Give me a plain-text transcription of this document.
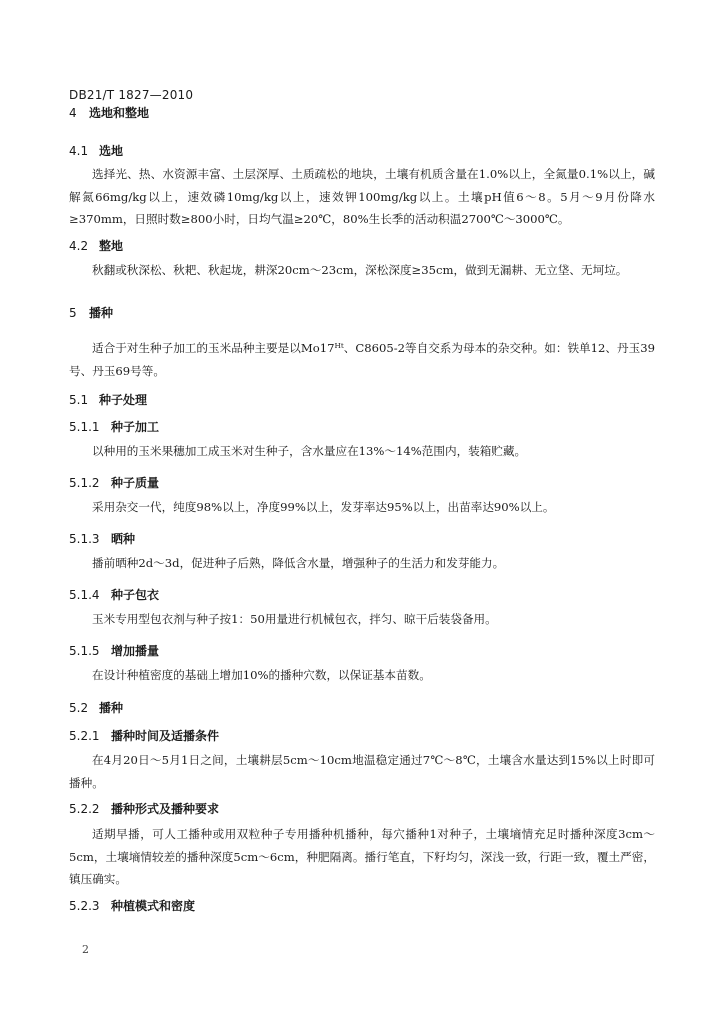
DB21/T 1827—2010
4 选地和整地
4.1 选地
选择光、热、水资源丰富、土层深厚、土质疏松的地块，土壤有机质含量在1.0%以上，全氮量0.1%以上，碱解氮66mg/kg以上，速效磷10mg/kg以上，速效钾100mg/kg以上。土壤pH值6～8。5月～9月份降水≥370mm，日照时数≥800小时，日均气温≥20℃，80%生长季的活动积温2700℃～3000℃。
4.2 整地
秋翻或秋深松、秋耙、秋起垅，耕深20cm～23cm，深松深度≥35cm，做到无漏耕、无立垡、无坷垃。
5 播种
适合于对生种子加工的玉米品种主要是以Mo17ᴴᵗ、C8605-2等自交系为母本的杂交种。如：铁单12、丹玉39号、丹玉69号等。
5.1 种子处理
5.1.1 种子加工
以种用的玉米果穗加工成玉米对生种子，含水量应在13%～14%范围内，装箱贮藏。
5.1.2 种子质量
采用杂交一代，纯度98%以上，净度99%以上，发芽率达95%以上，出苗率达90%以上。
5.1.3 晒种
播前晒种2d～3d，促进种子后熟，降低含水量，增强种子的生活力和发芽能力。
5.1.4 种子包衣
玉米专用型包衣剂与种子按1：50用量进行机械包衣，拌匀、晾干后装袋备用。
5.1.5 增加播量
在设计种植密度的基础上增加10%的播种穴数，以保证基本苗数。
5.2 播种
5.2.1 播种时间及适播条件
在4月20日～5月1日之间，土壤耕层5cm～10cm地温稳定通过7℃～8℃，土壤含水量达到15%以上时即可播种。
5.2.2 播种形式及播种要求
适期早播，可人工播种或用双粒种子专用播种机播种，每穴播种1对种子，土壤墒情充足时播种深度3cm～5cm，土壤墒情较差的播种深度5cm～6cm，种肥隔离。播行笔直，下籽均匀，深浅一致，行距一致，覆土严密，镇压确实。
5.2.3 种植模式和密度
2
